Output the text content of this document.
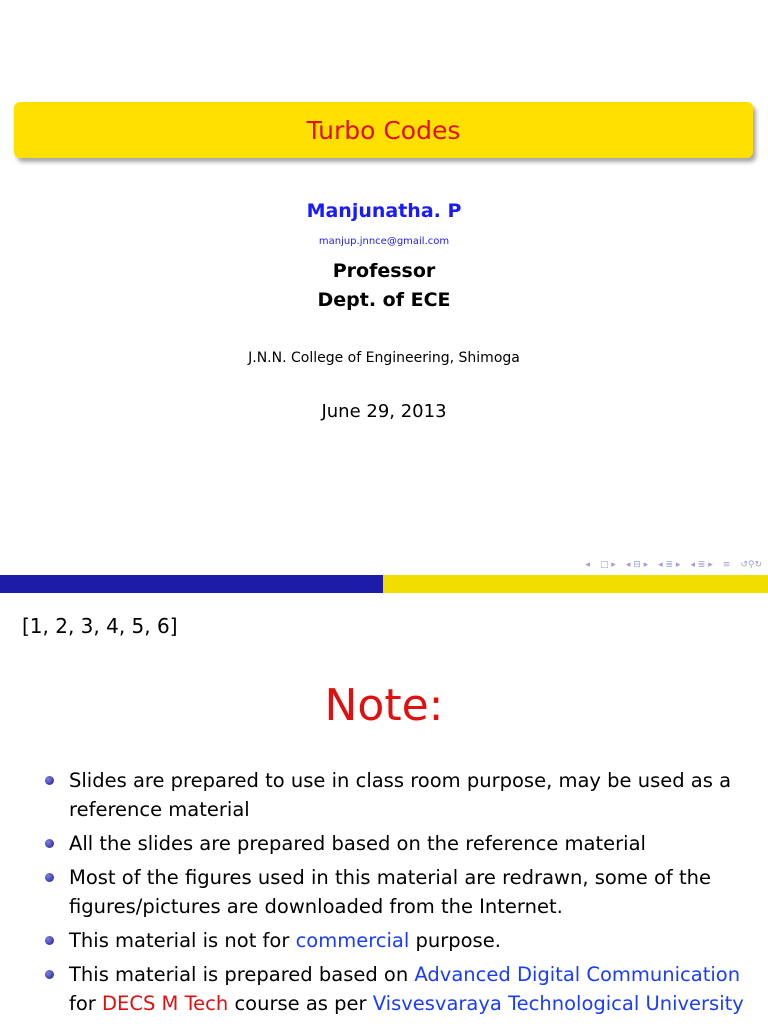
Turbo Codes
Manjunatha. P
manjup.jnnce@gmail.com
Professor
Dept. of ECE
J.N.N. College of Engineering, Shimoga
June 29, 2013
◂ □ ▸ ◂ ⊟ ▸ ◂ ≣ ▸ ◂ ≣ ▸ ≡ ↺⚲↻
[1, 2, 3, 4, 5, 6]
Note:
Slides are prepared to use in class room purpose, may be used as a reference material
All the slides are prepared based on the reference material
Most of the figures used in this material are redrawn, some of the figures/pictures are downloaded from the Internet.
This material is not for commercial purpose.
This material is prepared based on Advanced Digital Communication for DECS M Tech course as per Visvesvaraya Technological University
